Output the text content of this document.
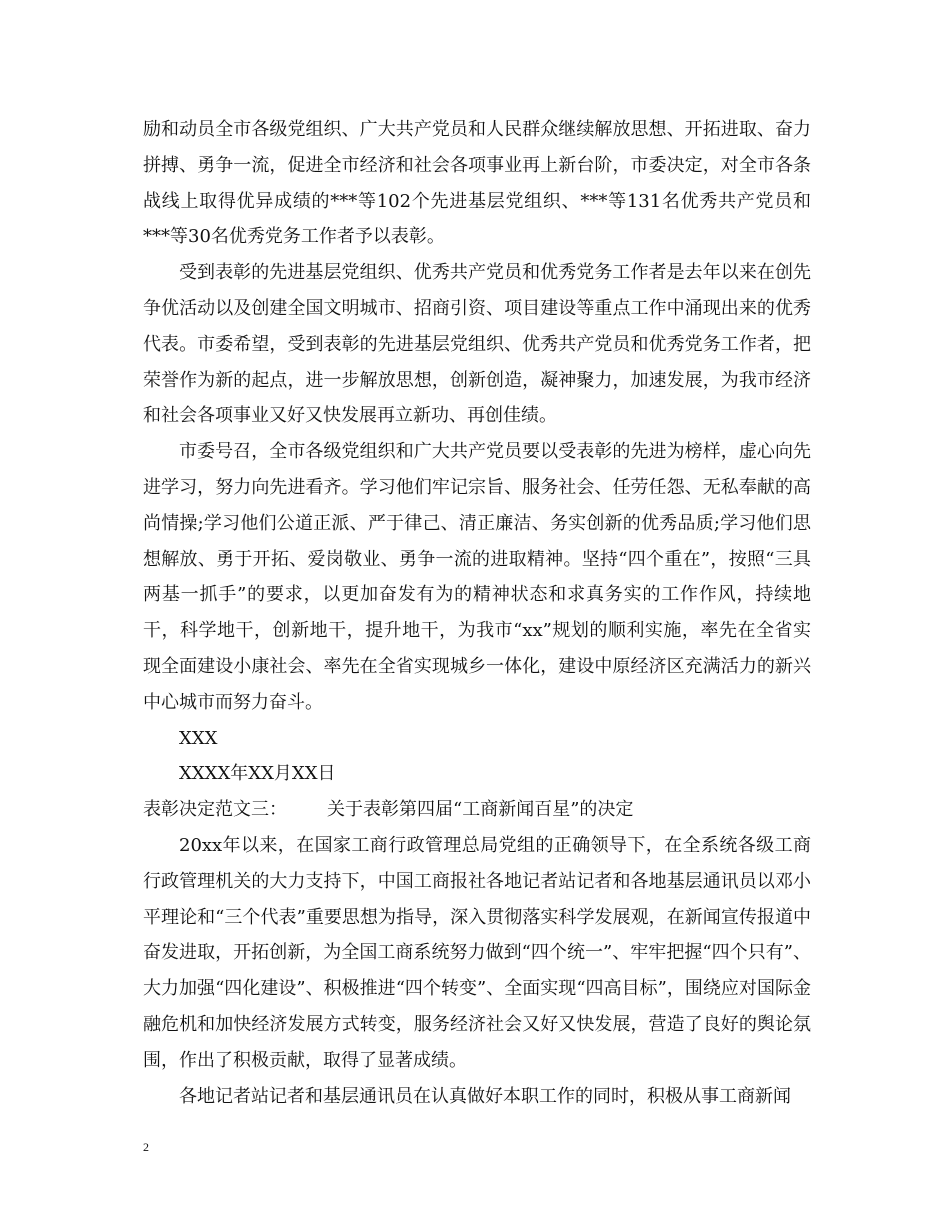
励和动员全市各级党组织、广大共产党员和人民群众继续解放思想、开拓进取、奋力拼搏、勇争一流，促进全市经济和社会各项事业再上新台阶，市委决定，对全市各条战线上取得优异成绩的***等102个先进基层党组织、***等131名优秀共产党员和***等30名优秀党务工作者予以表彰。

受到表彰的先进基层党组织、优秀共产党员和优秀党务工作者是去年以来在创先争优活动以及创建全国文明城市、招商引资、项目建设等重点工作中涌现出来的优秀代表。市委希望，受到表彰的先进基层党组织、优秀共产党员和优秀党务工作者，把荣誉作为新的起点，进一步解放思想，创新创造，凝神聚力，加速发展，为我市经济和社会各项事业又好又快发展再立新功、再创佳绩。

市委号召，全市各级党组织和广大共产党员要以受表彰的先进为榜样，虚心向先进学习，努力向先进看齐。学习他们牢记宗旨、服务社会、任劳任怨、无私奉献的高尚情操;学习他们公道正派、严于律己、清正廉洁、务实创新的优秀品质;学习他们思想解放、勇于开拓、爱岗敬业、勇争一流的进取精神。坚持“四个重在”，按照“三具两基一抓手”的要求，以更加奋发有为的精神状态和求真务实的工作作风，持续地干，科学地干，创新地干，提升地干，为我市“xx”规划的顺利实施，率先在全省实现全面建设小康社会、率先在全省实现城乡一体化，建设中原经济区充满活力的新兴中心城市而努力奋斗。

XXX

XXXX年XX月XX日

表彰决定范文三： 关于表彰第四届“工商新闻百星”的决定

20xx年以来，在国家工商行政管理总局党组的正确领导下，在全系统各级工商行政管理机关的大力支持下，中国工商报社各地记者站记者和各地基层通讯员以邓小平理论和“三个代表”重要思想为指导，深入贯彻落实科学发展观，在新闻宣传报道中奋发进取，开拓创新，为全国工商系统努力做到“四个统一”、牢牢把握“四个只有”、大力加强“四化建设”、积极推进“四个转变”、全面实现“四高目标”，围绕应对国际金融危机和加快经济发展方式转变，服务经济社会又好又快发展，营造了良好的舆论氛围，作出了积极贡献，取得了显著成绩。

各地记者站记者和基层通讯员在认真做好本职工作的同时，积极从事工商新闻

2
